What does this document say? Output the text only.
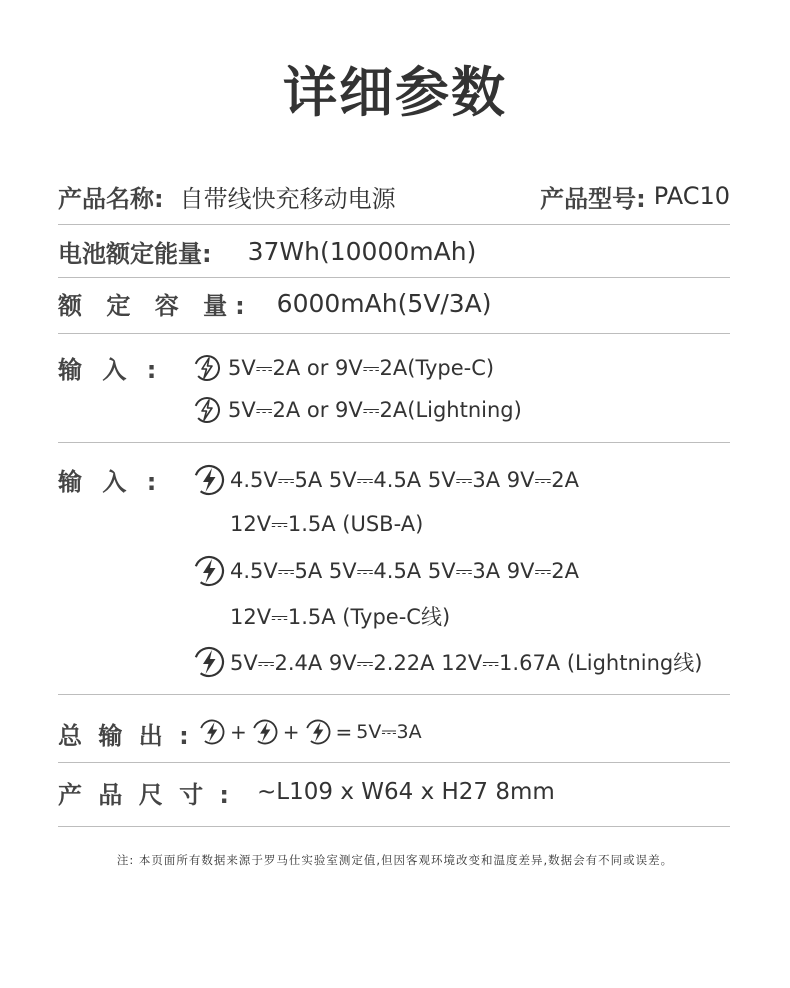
详细参数
产品名称: 自带线快充移动电源	产品型号: PAC10
电池额定能量: 37Wh(10000mAh)
额 定 容 量: 6000mAh(5V/3A)
输 入 :	5V⎓2A or 9V⎓2A(Type-C)
5V⎓2A or 9V⎓2A(Lightning)
输 入 :	4.5V⎓5A 5V⎓4.5A 5V⎓3A 9V⎓2A
12V⎓1.5A (USB-A)
4.5V⎓5A 5V⎓4.5A 5V⎓3A 9V⎓2A
12V⎓1.5A (Type-C线)
5V⎓2.4A 9V⎓2.22A 12V⎓1.67A (Lightning线)
总 输 出 : + + = 5V⎓3A
产 品 尺 寸 : ~L109 x W64 x H27 8mm
注: 本页面所有数据来源于罗马仕实验室测定值,但因客观环境改变和温度差异,数据会有不同或误差。
